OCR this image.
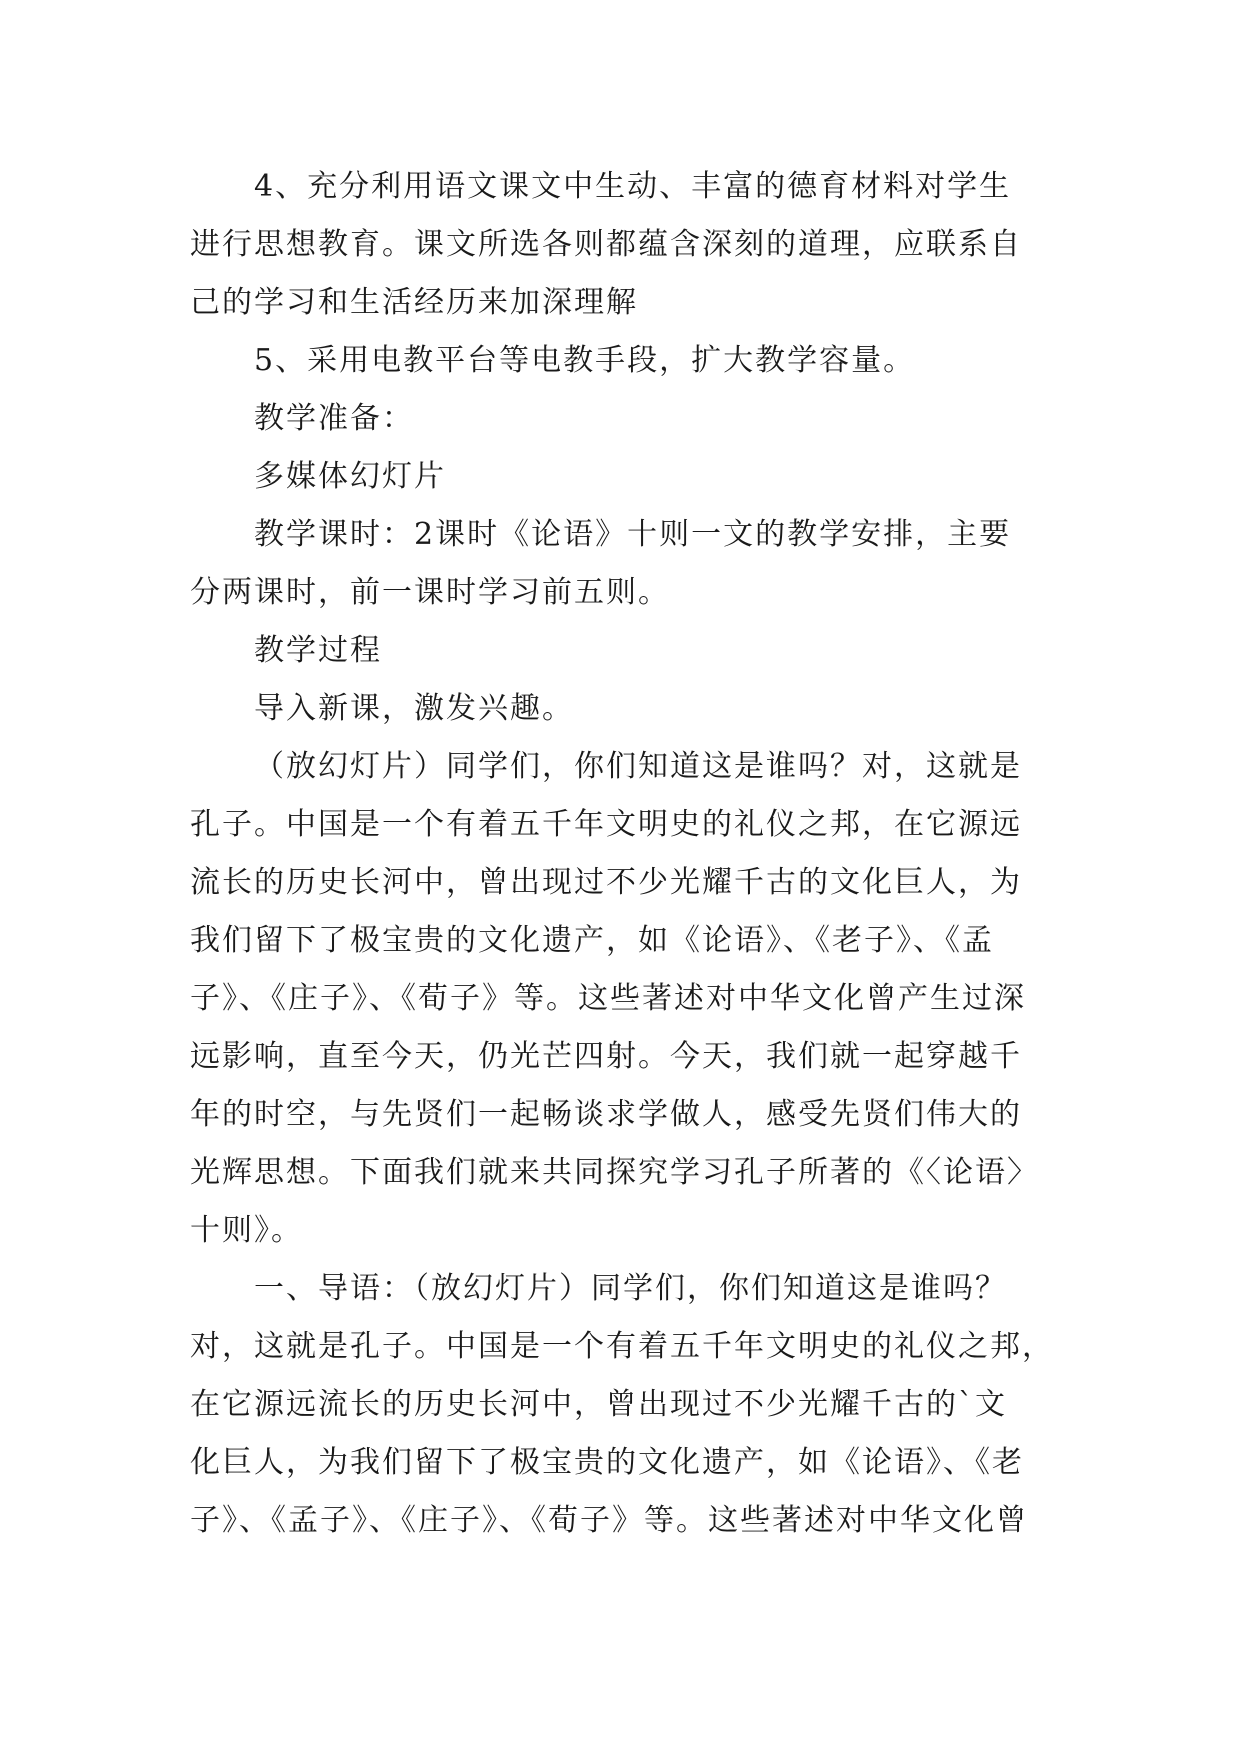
4、充分利用语文课文中生动、丰富的德育材料对学生
进行思想教育。课文所选各则都蕴含深刻的道理，应联系自
己的学习和生活经历来加深理解
5、采用电教平台等电教手段，扩大教学容量。
教学准备：
多媒体幻灯片
教学课时：2课时《论语》十则一文的教学安排，主要
分两课时，前一课时学习前五则。
教学过程
导入新课，激发兴趣。
（放幻灯片）同学们，你们知道这是谁吗？对，这就是
孔子。中国是一个有着五千年文明史的礼仪之邦，在它源远
流长的历史长河中，曾出现过不少光耀千古的文化巨人，为
我们留下了极宝贵的文化遗产，如《论语》、《老子》、《孟
子》、《庄子》、《荀子》等。这些著述对中华文化曾产生过深
远影响，直至今天，仍光芒四射。今天，我们就一起穿越千
年的时空，与先贤们一起畅谈求学做人，感受先贤们伟大的
光辉思想。下面我们就来共同探究学习孔子所著的《〈论语〉
十则》。
一、导语：（放幻灯片）同学们，你们知道这是谁吗？
对，这就是孔子。中国是一个有着五千年文明史的礼仪之邦，
在它源远流长的历史长河中，曾出现过不少光耀千古的`文
化巨人，为我们留下了极宝贵的文化遗产，如《论语》、《老
子》、《孟子》、《庄子》、《荀子》等。这些著述对中华文化曾
